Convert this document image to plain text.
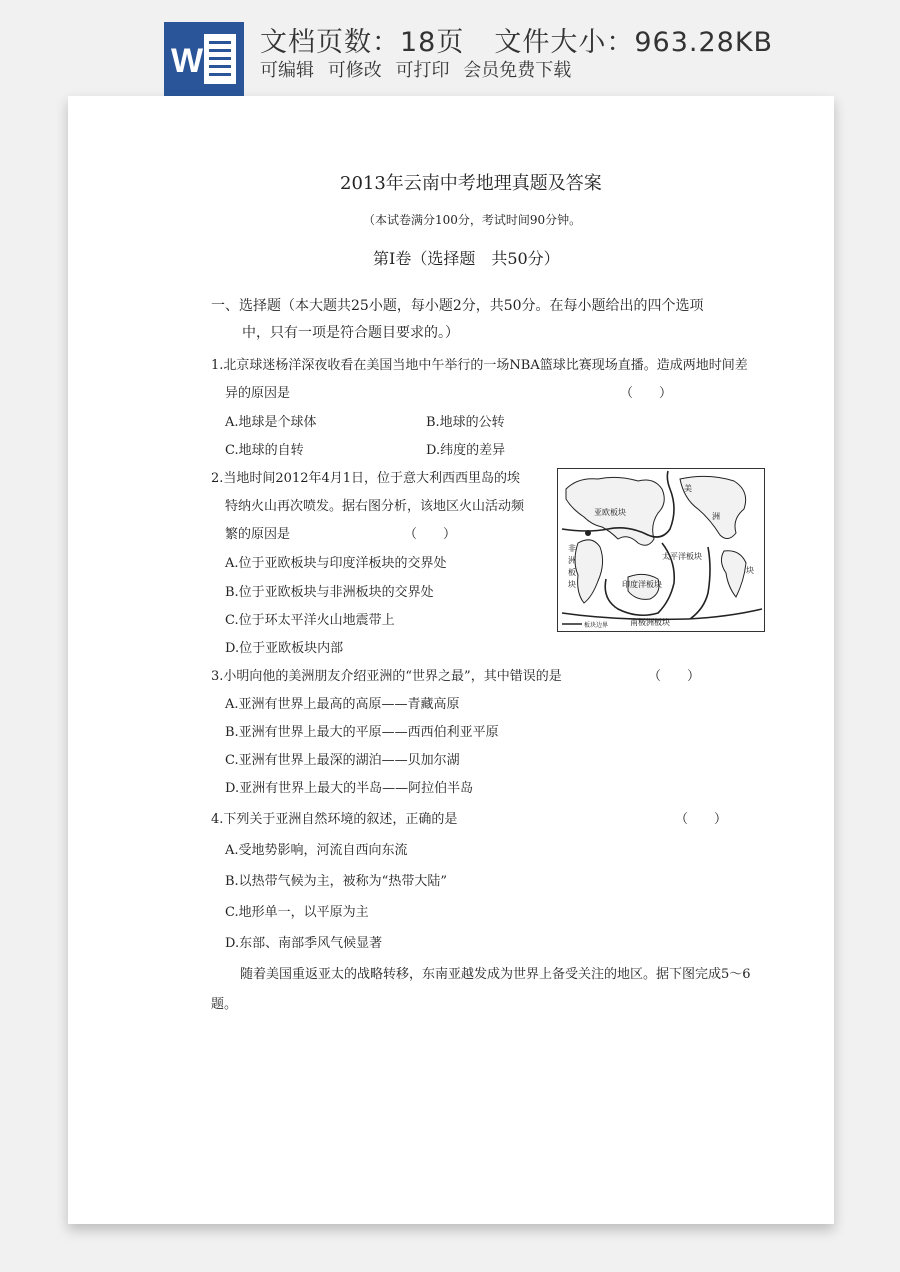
W 文档页数：18页 文件大小：963.28KB
可编辑 可修改 可打印 会员免费下载
2013年云南中考地理真题及答案
（本试卷满分100分，考试时间90分钟。
第Ⅰ卷（选择题　共50分）
一、选择题（本大题共25小题，每小题2分，共50分。在每小题给出的四个选项
中，只有一项是符合题目要求的。）
1.北京球迷杨洋深夜收看在美国当地中午举行的一场NBA篮球比赛现场直播。造成两地时间差
异的原因是	（　　）
A.地球是个球体	B.地球的公转
C.地球的自转	D.纬度的差异
2.当地时间2012年4月1日，位于意大利西西里岛的埃
特纳火山再次喷发。据右图分析，该地区火山活动频
繁的原因是	（　　）
A.位于亚欧板块与印度洋板块的交界处
B.位于亚欧板块与非洲板块的交界处
C.位于环太平洋火山地震带上
D.位于亚欧板块内部
亚欧板块
非
洲
板
块
太平洋板块
印度洋板块
南极洲板块
美
洲
块
板块边界
3.小明向他的美洲朋友介绍亚洲的“世界之最”，其中错误的是	（　　）
A.亚洲有世界上最高的高原——青藏高原
B.亚洲有世界上最大的平原——西西伯利亚平原
C.亚洲有世界上最深的湖泊——贝加尔湖
D.亚洲有世界上最大的半岛——阿拉伯半岛
4.下列关于亚洲自然环境的叙述，正确的是	（　　）
A.受地势影响，河流自西向东流
B.以热带气候为主，被称为“热带大陆”
C.地形单一，以平原为主
D.东部、南部季风气候显著
随着美国重返亚太的战略转移，东南亚越发成为世界上备受关注的地区。据下图完成5～6
题。
